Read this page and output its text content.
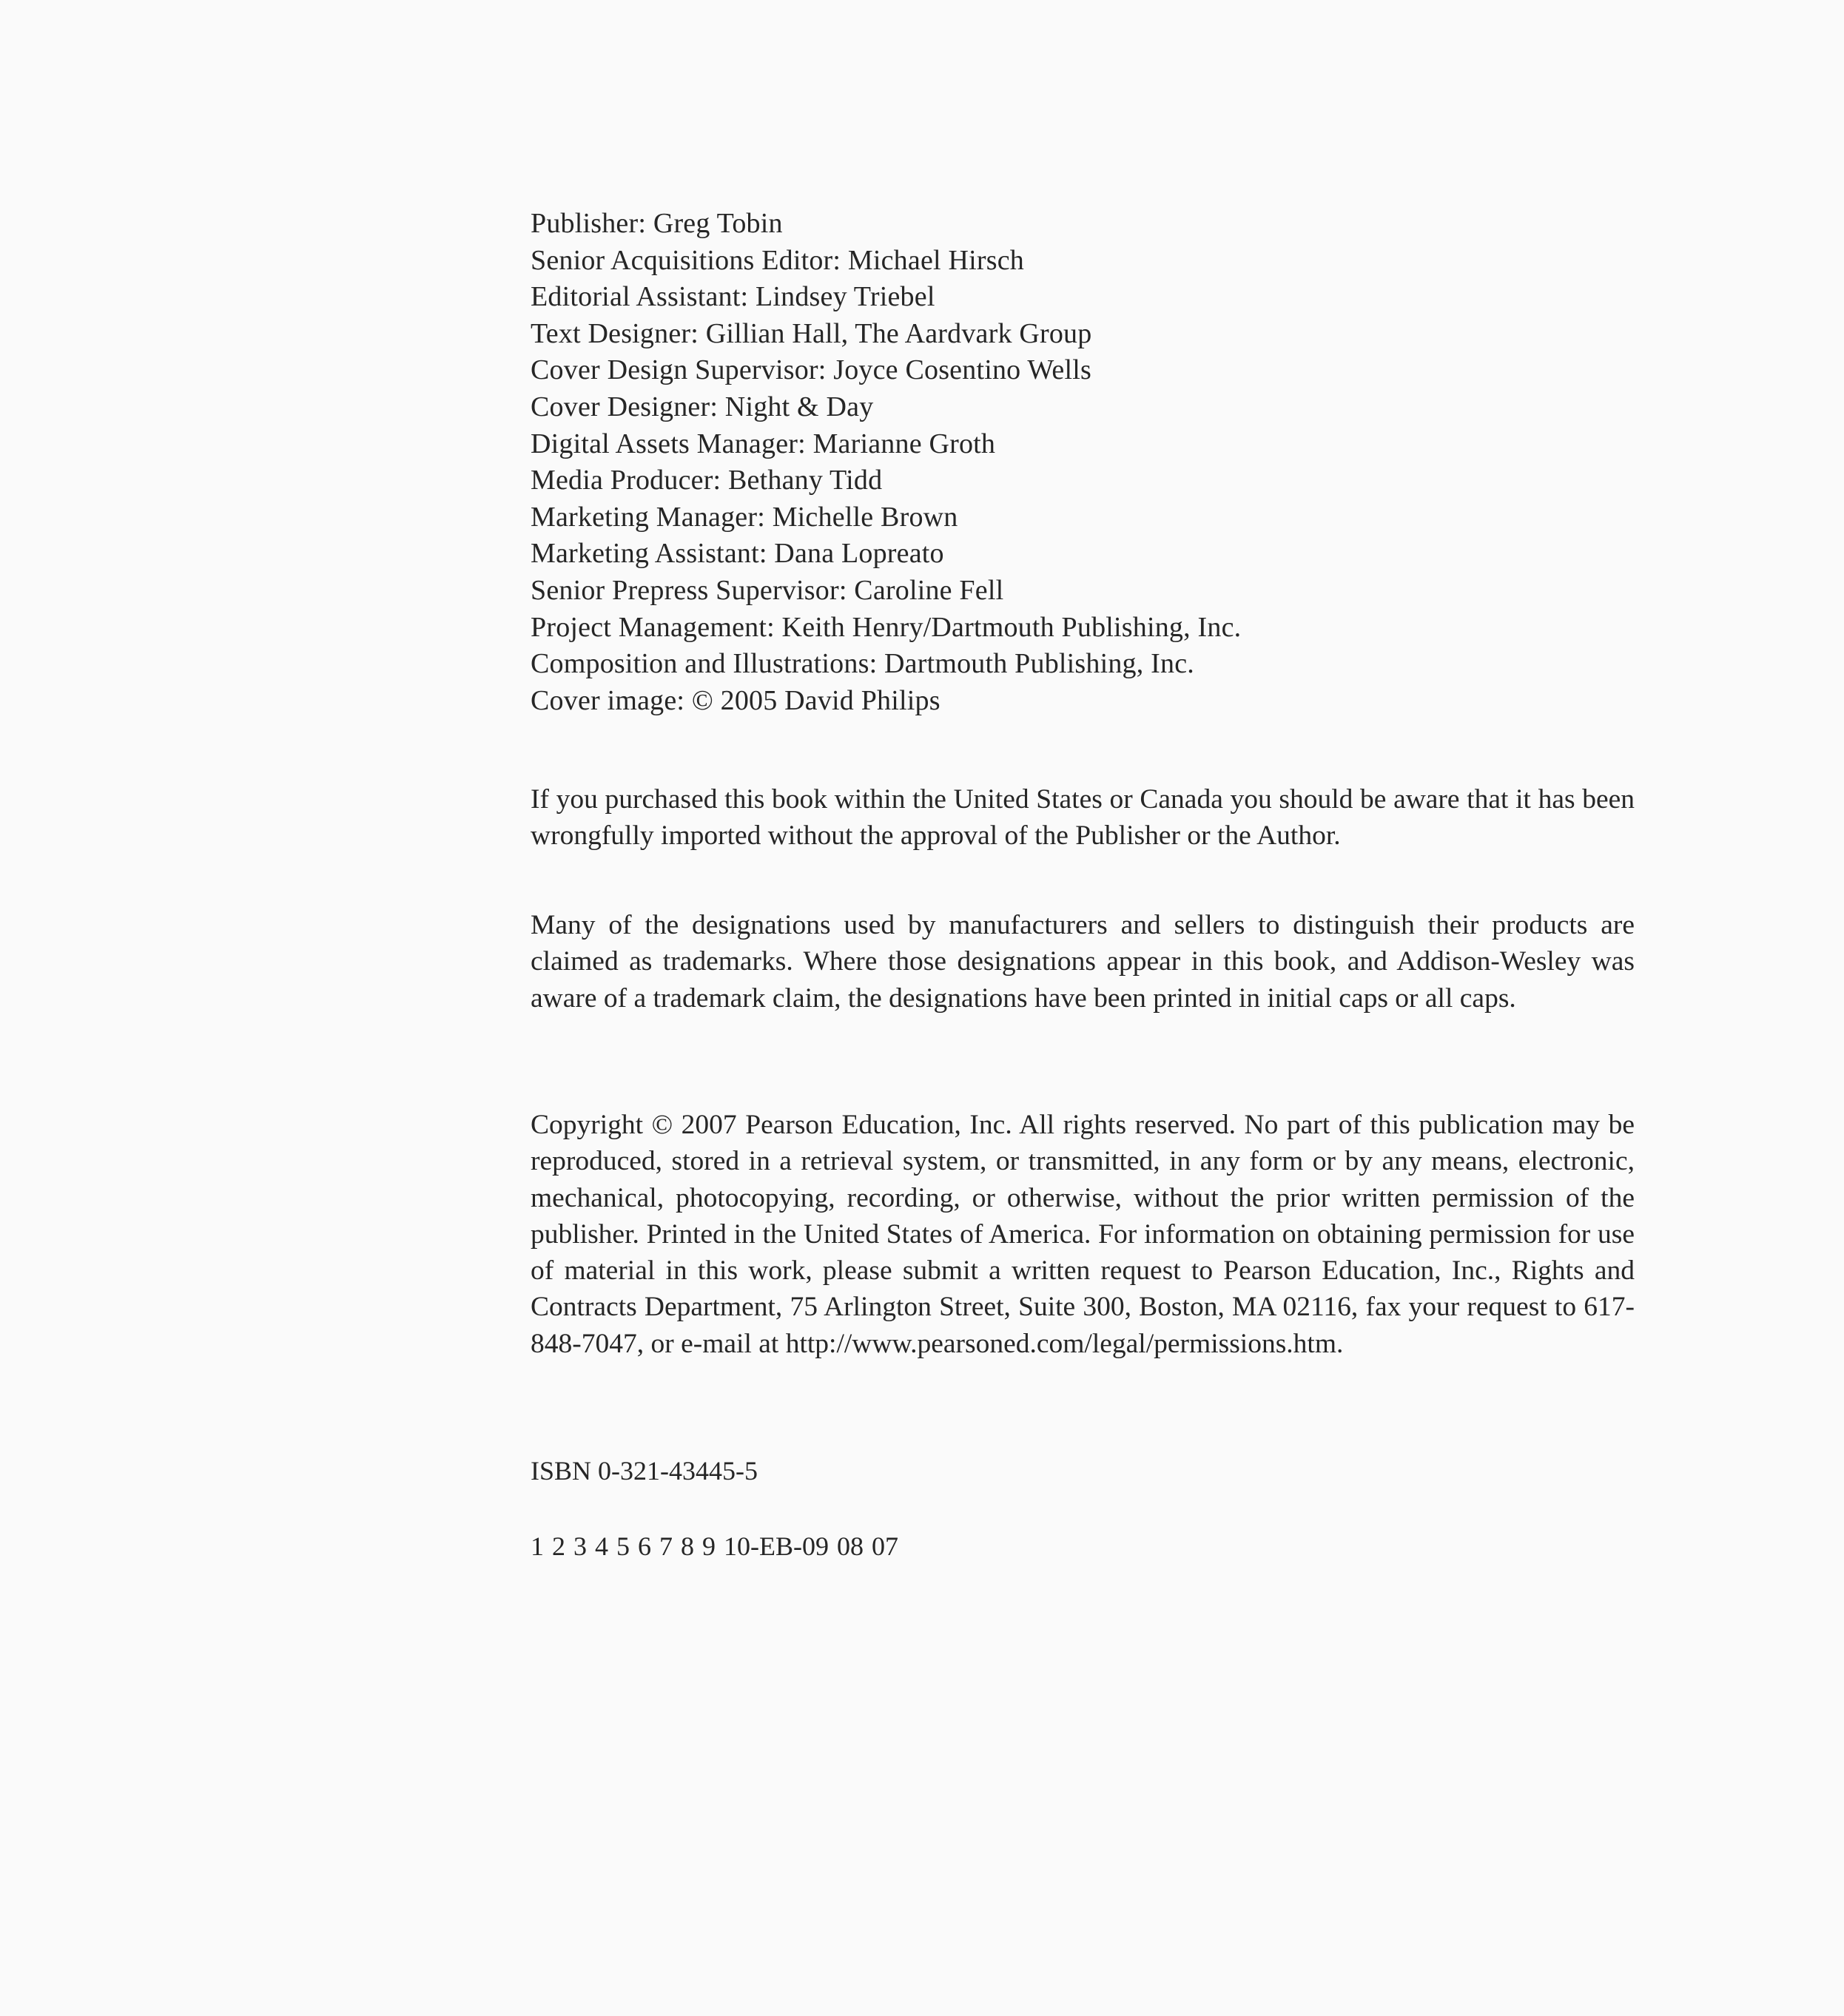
Publisher: Greg Tobin
Senior Acquisitions Editor: Michael Hirsch
Editorial Assistant: Lindsey Triebel
Text Designer: Gillian Hall, The Aardvark Group
Cover Design Supervisor: Joyce Cosentino Wells
Cover Designer: Night & Day
Digital Assets Manager: Marianne Groth
Media Producer: Bethany Tidd
Marketing Manager: Michelle Brown
Marketing Assistant: Dana Lopreato
Senior Prepress Supervisor: Caroline Fell
Project Management: Keith Henry/Dartmouth Publishing, Inc.
Composition and Illustrations: Dartmouth Publishing, Inc.
Cover image: © 2005 David Philips

If you purchased this book within the United States or Canada you should be aware that it has been wrongfully imported without the approval of the Publisher or the Author.

Many of the designations used by manufacturers and sellers to distinguish their products are claimed as trademarks. Where those designations appear in this book, and Addison-Wesley was aware of a trademark claim, the designations have been printed in initial caps or all caps.

Copyright © 2007 Pearson Education, Inc. All rights reserved. No part of this publication may be reproduced, stored in a retrieval system, or transmitted, in any form or by any means, electronic, mechanical, photocopying, recording, or otherwise, without the prior written permission of the publisher. Printed in the United States of America. For information on obtaining permission for use of material in this work, please submit a written request to Pearson Education, Inc., Rights and Contracts Department, 75 Arlington Street, Suite 300, Boston, MA 02116, fax your request to 617-848-7047, or e-mail at http://www.pearsoned.com/legal/permissions.htm.

ISBN 0-321-43445-5
1 2 3 4 5 6 7 8 9 10-EB-09 08 07
